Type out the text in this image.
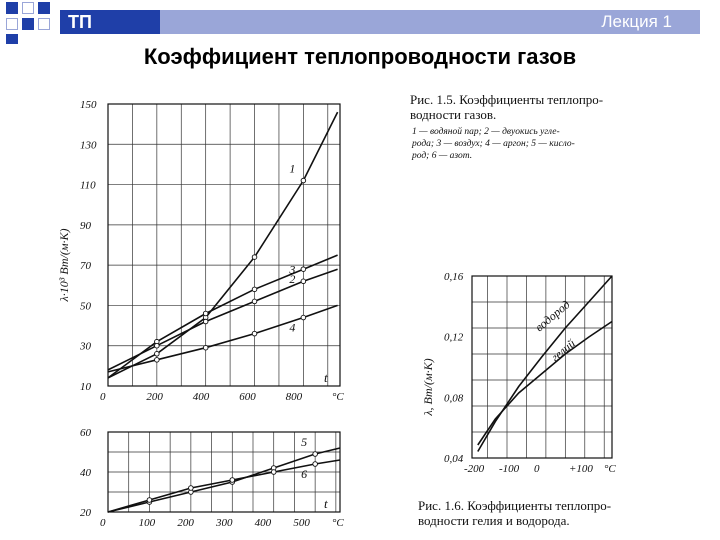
ТП	Лекция 1
Коэффициент теплопроводности газов
1
2
3
4
0	200	400	600	800	°C
150
130
110
90
70
50
30
10
t
λ·10³ Вт/(м·К)
5
6
0	100 200 300 400 500 °C
60
40
20
t
водород
гелий
-200 -100 0	+100 °C
0,16
0,12
0,08
0,04
λ, Вт/(м·К)
Рис. 1.5. Коэффициенты теплопро-
водности газов.
1 — водяной пар; 2 — двуокись угле-
рода; 3 — воздух; 4 — аргон; 5 — кисло-
род; 6 — азот.
Рис. 1.6. Коэффициенты теплопро-
водности гелия и водорода.
